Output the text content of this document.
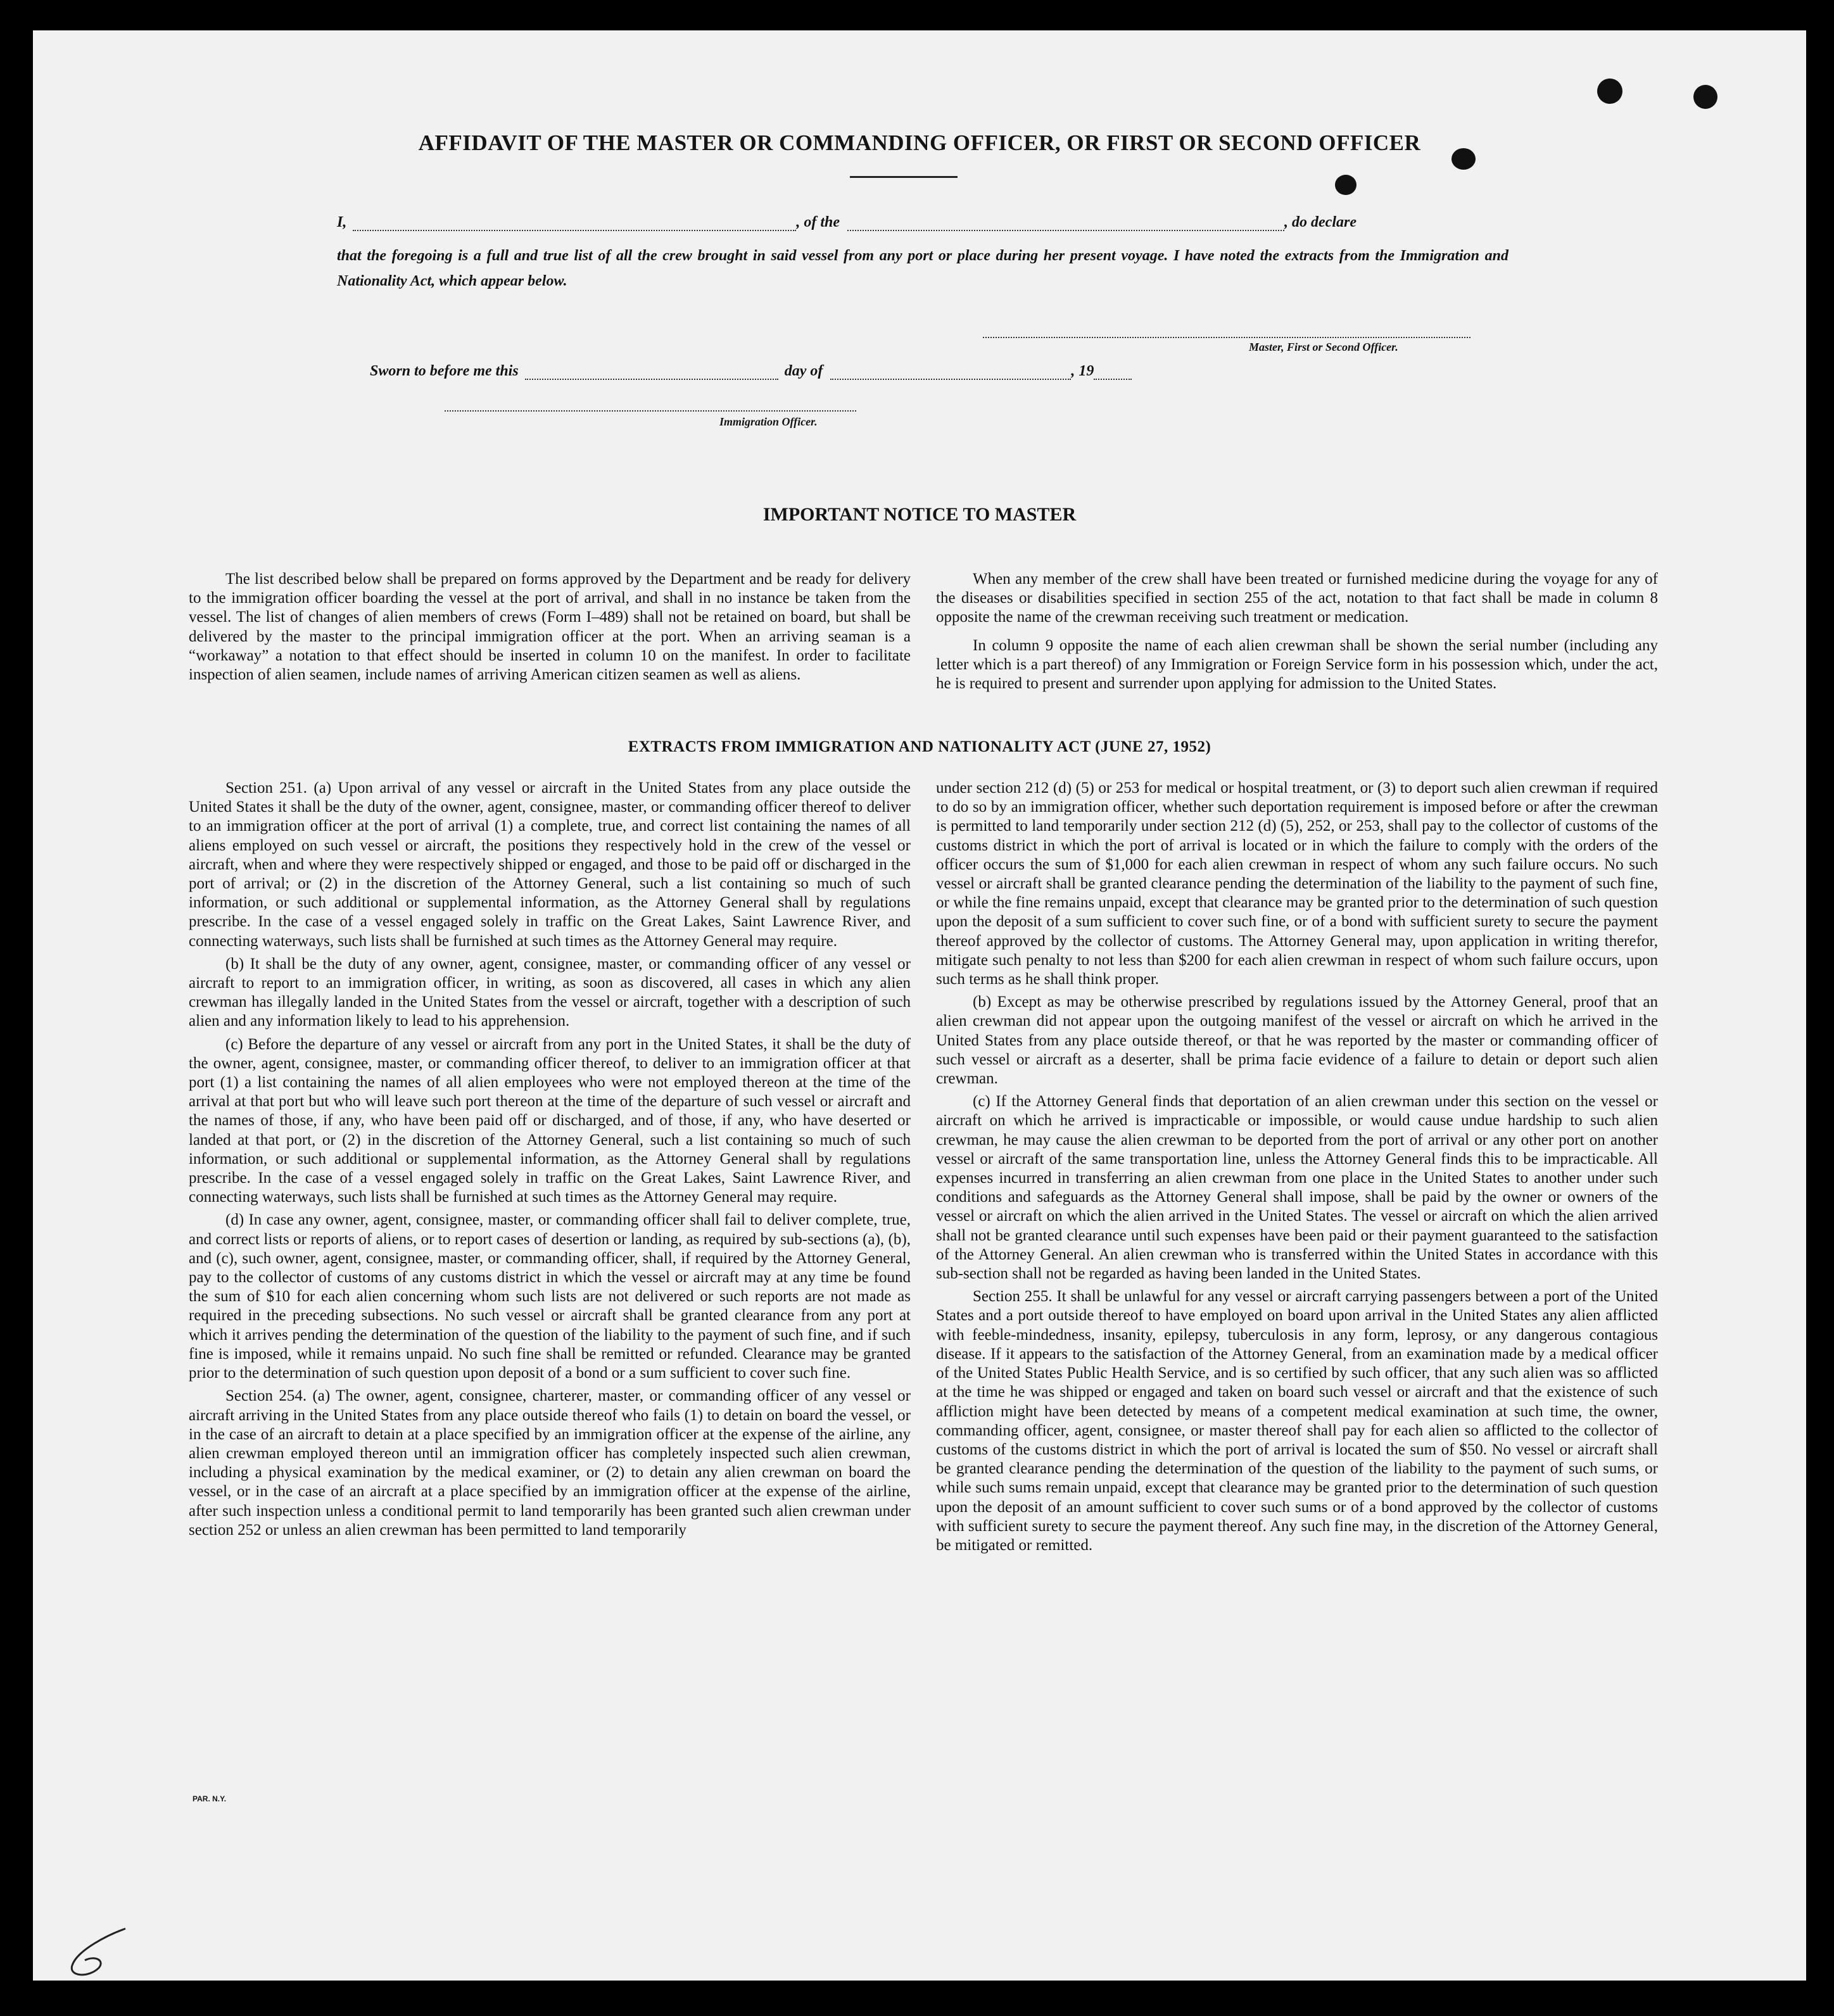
AFFIDAVIT OF THE MASTER OR COMMANDING OFFICER, OR FIRST OR SECOND OFFICER
I,	, of the	, do declare
that the foregoing is a full and true list of all the crew brought in said vessel from any port or place during her present voyage. I have noted the extracts from the Immigration and Nationality Act, which appear below.
Master, First or Second Officer.
Sworn to before me this	day of	, 19
Immigration Officer.
IMPORTANT NOTICE TO MASTER

The list described below shall be prepared on forms approved by the Department and be ready for delivery to the immigration officer boarding the vessel at the port of arrival, and shall in no instance be taken from the vessel. The list of changes of alien members of crews (Form I–489) shall not be retained on board, but shall be delivered by the master to the principal immigration officer at the port. When an arriving seaman is a “workaway” a notation to that effect should be inserted in column 10 on the manifest. In order to facilitate inspection of alien seamen, include names of arriving American citizen seamen as well as aliens.

When any member of the crew shall have been treated or furnished medicine during the voyage for any of the diseases or disabilities specified in section 255 of the act, notation to that fact shall be made in column 8 opposite the name of the crewman receiving such treatment or medication.

In column 9 opposite the name of each alien crewman shall be shown the serial number (including any letter which is a part thereof) of any Immigration or Foreign Service form in his possession which, under the act, he is required to present and surrender upon applying for admission to the United States.

EXTRACTS FROM IMMIGRATION AND NATIONALITY ACT (JUNE 27, 1952)

Section 251. (a) Upon arrival of any vessel or aircraft in the United States from any place outside the United States it shall be the duty of the owner, agent, consignee, master, or commanding officer thereof to deliver to an immigration officer at the port of arrival (1) a complete, true, and correct list containing the names of all aliens employed on such vessel or aircraft, the positions they respectively hold in the crew of the vessel or aircraft, when and where they were respectively shipped or engaged, and those to be paid off or discharged in the port of arrival; or (2) in the discretion of the Attorney General, such a list containing so much of such information, or such additional or supplemental information, as the Attorney General shall by regulations prescribe. In the case of a vessel engaged solely in traffic on the Great Lakes, Saint Lawrence River, and connecting waterways, such lists shall be furnished at such times as the Attorney General may require.

(b) It shall be the duty of any owner, agent, consignee, master, or commanding officer of any vessel or aircraft to report to an immigration officer, in writing, as soon as discovered, all cases in which any alien crewman has illegally landed in the United States from the vessel or aircraft, together with a description of such alien and any information likely to lead to his apprehension.

(c) Before the departure of any vessel or aircraft from any port in the United States, it shall be the duty of the owner, agent, consignee, master, or commanding officer thereof, to deliver to an immigration officer at that port (1) a list containing the names of all alien employees who were not employed thereon at the time of the arrival at that port but who will leave such port thereon at the time of the departure of such vessel or aircraft and the names of those, if any, who have been paid off or discharged, and of those, if any, who have deserted or landed at that port, or (2) in the discretion of the Attorney General, such a list containing so much of such information, or such additional or supplemental information, as the Attorney General shall by regulations prescribe. In the case of a vessel engaged solely in traffic on the Great Lakes, Saint Lawrence River, and connecting waterways, such lists shall be furnished at such times as the Attorney General may require.

(d) In case any owner, agent, consignee, master, or commanding officer shall fail to deliver complete, true, and correct lists or reports of aliens, or to report cases of desertion or landing, as required by sub-sections (a), (b), and (c), such owner, agent, consignee, master, or commanding officer, shall, if required by the Attorney General, pay to the collector of customs of any customs district in which the vessel or aircraft may at any time be found the sum of $10 for each alien concerning whom such lists are not delivered or such reports are not made as required in the preceding subsections. No such vessel or aircraft shall be granted clearance from any port at which it arrives pending the determination of the question of the liability to the payment of such fine, and if such fine is imposed, while it remains unpaid. No such fine shall be remitted or refunded. Clearance may be granted prior to the determination of such question upon deposit of a bond or a sum sufficient to cover such fine.

Section 254. (a) The owner, agent, consignee, charterer, master, or commanding officer of any vessel or aircraft arriving in the United States from any place outside thereof who fails (1) to detain on board the vessel, or in the case of an aircraft to detain at a place specified by an immigration officer at the expense of the airline, any alien crewman employed thereon until an immigration officer has completely inspected such alien crewman, including a physical examination by the medical examiner, or (2) to detain any alien crewman on board the vessel, or in the case of an aircraft at a place specified by an immigration officer at the expense of the airline, after such inspection unless a conditional permit to land temporarily has been granted such alien crewman under section 252 or unless an alien crewman has been permitted to land temporarily

under section 212 (d) (5) or 253 for medical or hospital treatment, or (3) to deport such alien crewman if required to do so by an immigration officer, whether such deportation requirement is imposed before or after the crewman is permitted to land temporarily under section 212 (d) (5), 252, or 253, shall pay to the collector of customs of the customs district in which the port of arrival is located or in which the failure to comply with the orders of the officer occurs the sum of $1,000 for each alien crewman in respect of whom any such failure occurs. No such vessel or aircraft shall be granted clearance pending the determination of the liability to the payment of such fine, or while the fine remains unpaid, except that clearance may be granted prior to the determination of such question upon the deposit of a sum sufficient to cover such fine, or of a bond with sufficient surety to secure the payment thereof approved by the collector of customs. The Attorney General may, upon application in writing therefor, mitigate such penalty to not less than $200 for each alien crewman in respect of whom such failure occurs, upon such terms as he shall think proper.

(b) Except as may be otherwise prescribed by regulations issued by the Attorney General, proof that an alien crewman did not appear upon the outgoing manifest of the vessel or aircraft on which he arrived in the United States from any place outside thereof, or that he was reported by the master or commanding officer of such vessel or aircraft as a deserter, shall be prima facie evidence of a failure to detain or deport such alien crewman.

(c) If the Attorney General finds that deportation of an alien crewman under this section on the vessel or aircraft on which he arrived is impracticable or impossible, or would cause undue hardship to such alien crewman, he may cause the alien crewman to be deported from the port of arrival or any other port on another vessel or aircraft of the same transportation line, unless the Attorney General finds this to be impracticable. All expenses incurred in transferring an alien crewman from one place in the United States to another under such conditions and safeguards as the Attorney General shall impose, shall be paid by the owner or owners of the vessel or aircraft on which the alien arrived in the United States. The vessel or aircraft on which the alien arrived shall not be granted clearance until such expenses have been paid or their payment guaranteed to the satisfaction of the Attorney General. An alien crewman who is transferred within the United States in accordance with this sub-section shall not be regarded as having been landed in the United States.

Section 255. It shall be unlawful for any vessel or aircraft carrying passengers between a port of the United States and a port outside thereof to have employed on board upon arrival in the United States any alien afflicted with feeble-mindedness, insanity, epilepsy, tuberculosis in any form, leprosy, or any dangerous contagious disease. If it appears to the satisfaction of the Attorney General, from an examination made by a medical officer of the United States Public Health Service, and is so certified by such officer, that any such alien was so afflicted at the time he was shipped or engaged and taken on board such vessel or aircraft and that the existence of such affliction might have been detected by means of a competent medical examination at such time, the owner, commanding officer, agent, consignee, or master thereof shall pay for each alien so afflicted to the collector of customs of the customs district in which the port of arrival is located the sum of $50. No vessel or aircraft shall be granted clearance pending the determination of the question of the liability to the payment of such sums, or while such sums remain unpaid, except that clearance may be granted prior to the determination of such question upon the deposit of an amount sufficient to cover such sums or of a bond approved by the collector of customs with sufficient surety to secure the payment thereof. Any such fine may, in the discretion of the Attorney General, be mitigated or remitted.

PAR. N.Y.
